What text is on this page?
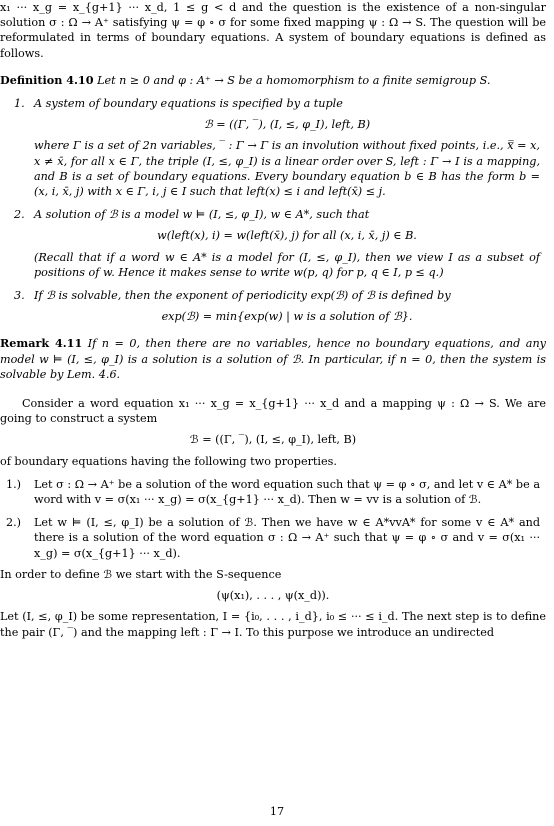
x₁ ··· x_g = x_{g+1} ··· x_d, 1 ≤ g < d and the question is the existence of a non-singular solution σ : Ω → A⁺ satisfying ψ = φ ∘ σ for some fixed mapping ψ : Ω → S. The question will be reformulated in terms of boundary equations. A system of boundary equations is defined as follows.

Definition 4.10 Let n ≥ 0 and φ : A⁺ → S be a homomorphism to a finite semigroup S.

1. A system of boundary equations is specified by a tuple

ℬ = ((Γ, ‾), (I, ≤, φ_I), left, B)

where Γ is a set of 2n variables, ‾ : Γ → Γ is an involution without fixed points, i.e., x̿ = x, x ≠ x̄, for all x ∈ Γ, the triple (I, ≤, φ_I) is a linear order over S, left : Γ → I is a mapping, and B is a set of boundary equations. Every boundary equation b ∈ B has the form b = (x, i, x̄, j) with x ∈ Γ, i, j ∈ I such that left(x) ≤ i and left(x̄) ≤ j.

2. A solution of ℬ is a model w ⊨ (I, ≤, φ_I), w ∈ A*, such that

w(left(x), i) = w(left(x̄), j) for all (x, i, x̄, j) ∈ B.

(Recall that if a word w ∈ A* is a model for (I, ≤, φ_I), then we view I as a subset of positions of w. Hence it makes sense to write w(p, q) for p, q ∈ I, p ≤ q.)

3. If ℬ is solvable, then the exponent of periodicity exp(ℬ) of ℬ is defined by

exp(ℬ) = min{exp(w) | w is a solution of ℬ}.

Remark 4.11 If n = 0, then there are no variables, hence no boundary equations, and any model w ⊨ (I, ≤, φ_I) is a solution is a solution of ℬ. In particular, if n = 0, then the system is solvable by Lem. 4.6.

Consider a word equation x₁ ··· x_g = x_{g+1} ··· x_d and a mapping ψ : Ω → S. We are going to construct a system

ℬ = ((Γ, ‾), (I, ≤, φ_I), left, B)

of boundary equations having the following two properties.

1.) Let σ : Ω → A⁺ be a solution of the word equation such that ψ = φ ∘ σ, and let v ∈ A* be a word with v = σ(x₁ ··· x_g) = σ(x_{g+1} ··· x_d). Then w = vv is a solution of ℬ.

2.) Let w ⊨ (I, ≤, φ_I) be a solution of ℬ. Then we have w ∈ A*vvA* for some v ∈ A* and there is a solution of the word equation σ : Ω → A⁺ such that ψ = φ ∘ σ and v = σ(x₁ ··· x_g) = σ(x_{g+1} ··· x_d).

In order to define ℬ we start with the S-sequence

(ψ(x₁), . . . , ψ(x_d)).

Let (I, ≤, φ_I) be some representation, I = {i₀, . . . , i_d}, i₀ ≤ ··· ≤ i_d. The next step is to define the pair (Γ, ‾) and the mapping left : Γ → I. To this purpose we introduce an undirected

17
